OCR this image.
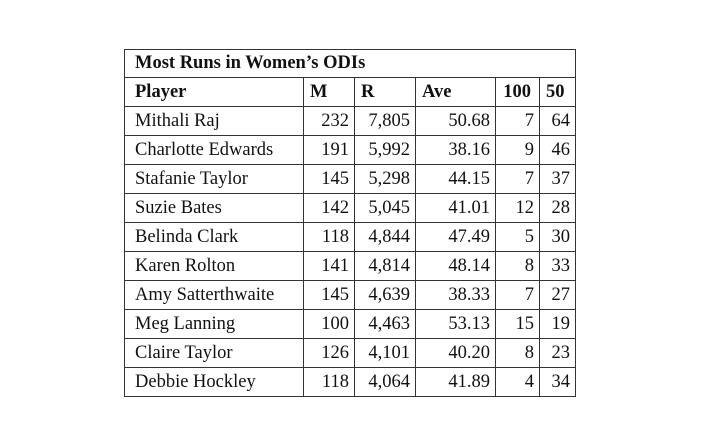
Most Runs in Women’s ODIs					
Player	M	R	Ave	100	50
Mithali Raj	232	7,805	50.68	7	64
Charlotte Edwards	191	5,992	38.16	9	46
Stafanie Taylor	145	5,298	44.15	7	37
Suzie Bates	142	5,045	41.01	12	28
Belinda Clark	118	4,844	47.49	5	30
Karen Rolton	141	4,814	48.14	8	33
Amy Satterthwaite	145	4,639	38.33	7	27
Meg Lanning	100	4,463	53.13	15	19
Claire Taylor	126	4,101	40.20	8	23
Debbie Hockley	118	4,064	41.89	4	34
